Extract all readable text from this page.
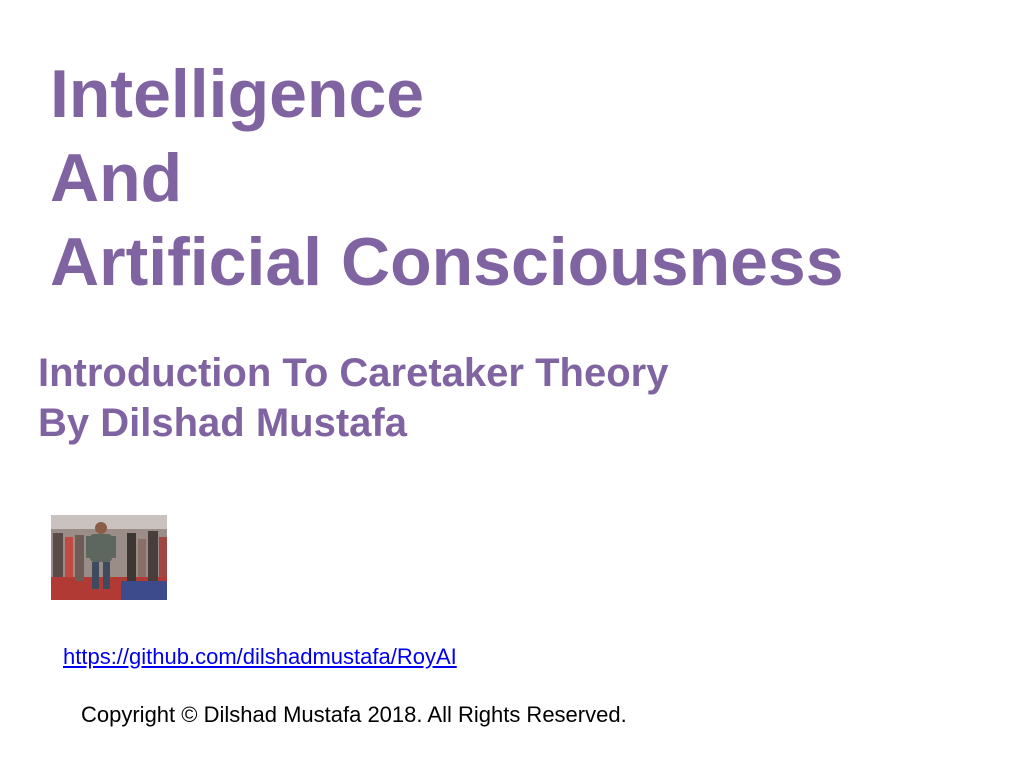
Intelligence
And
Artificial Consciousness
Introduction To Caretaker Theory
By Dilshad Mustafa
https://github.com/dilshadmustafa/RoyAI
Copyright © Dilshad Mustafa 2018. All Rights Reserved.
